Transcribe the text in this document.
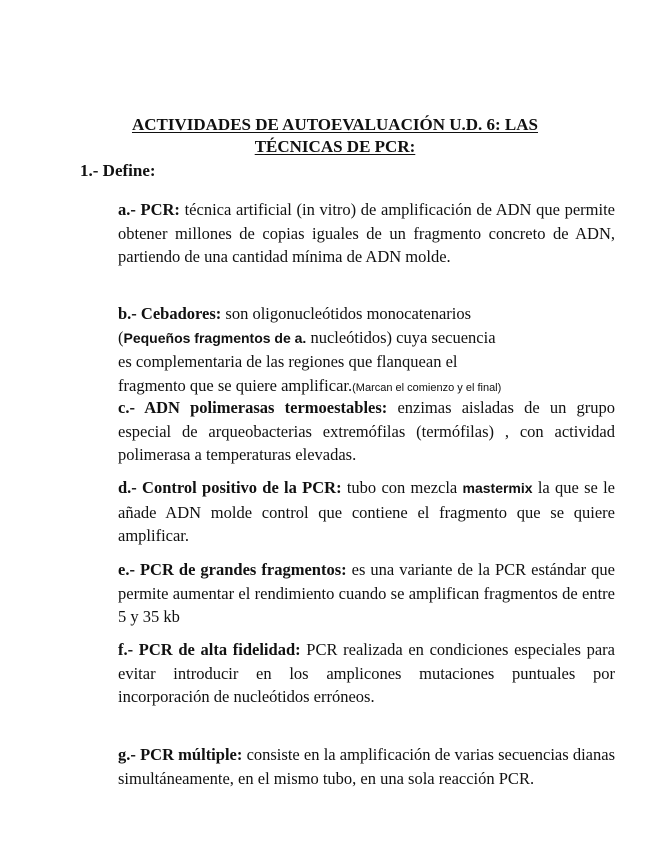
ACTIVIDADES DE AUTOEVALUACIÓN U.D. 6: LAS
TÉCNICAS DE PCR:
1.- Define:
a.- PCR: técnica artificial (in vitro) de amplificación de ADN que permite obtener millones de copias iguales de un fragmento concreto de ADN, partiendo de una cantidad mínima de ADN molde.
b.- Cebadores: son oligonucleótidos monocatenarios
(Pequeños fragmentos de a. nucleótidos) cuya secuencia
es complementaria de las regiones que flanquean el
fragmento que se quiere amplificar.(Marcan el comienzo y el final)
c.- ADN polimerasas termoestables: enzimas aisladas de un grupo especial de arqueobacterias extremófilas (termófilas) , con actividad polimerasa a temperaturas elevadas.
d.- Control positivo de la PCR: tubo con mezcla mastermix la que se le añade ADN molde control que contiene el fragmento que se quiere amplificar.
e.- PCR de grandes fragmentos: es una variante de la PCR estándar que permite aumentar el rendimiento cuando se amplifican fragmentos de entre 5 y 35 kb
f.- PCR de alta fidelidad: PCR realizada en condiciones especiales para evitar introducir en los amplicones mutaciones puntuales por incorporación de nucleótidos erróneos.
g.- PCR múltiple: consiste en la amplificación de varias secuencias dianas simultáneamente, en el mismo tubo, en una sola reacción PCR.
